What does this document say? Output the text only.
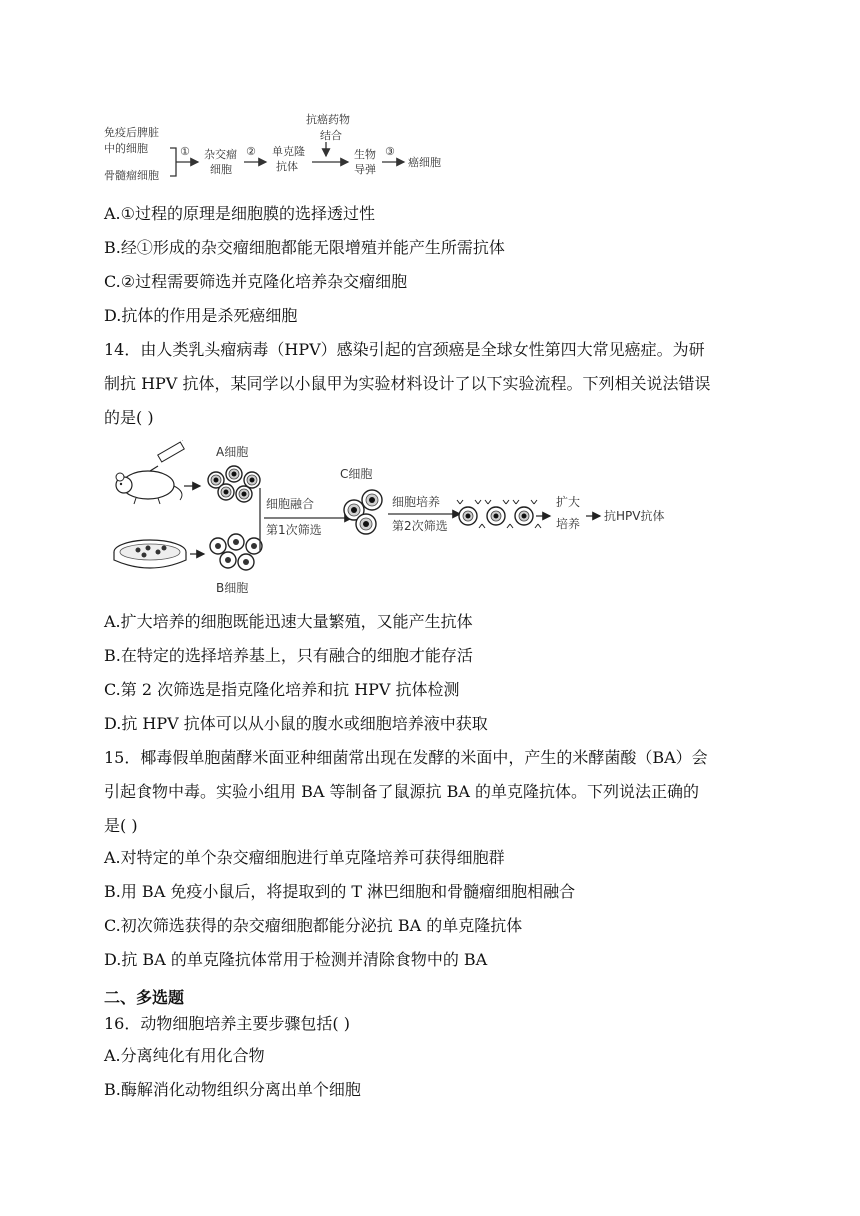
免疫后脾脏
中的细胞
骨髓瘤细胞
① 杂交瘤
细胞
② 单克隆
抗体
抗癌药物
结合
生物
导弹
③
癌细胞
A.①过程的原理是细胞膜的选择透过性
B.经①形成的杂交瘤细胞都能无限增殖并能产生所需抗体
C.②过程需要筛选并克隆化培养杂交瘤细胞
D.抗体的作用是杀死癌细胞
14．由人类乳头瘤病毒（HPV）感染引起的宫颈癌是全球女性第四大常见癌症。为研
制抗 HPV 抗体，某同学以小鼠甲为实验材料设计了以下实验流程。下列相关说法错误
的是( )
A细胞
B细胞
细胞融合
第1次筛选
C细胞
细胞培养
第2次筛选
扩大
培养
抗HPV抗体
A.扩大培养的细胞既能迅速大量繁殖，又能产生抗体
B.在特定的选择培养基上，只有融合的细胞才能存活
C.第 2 次筛选是指克隆化培养和抗 HPV 抗体检测
D.抗 HPV 抗体可以从小鼠的腹水或细胞培养液中获取
15．椰毒假单胞菌酵米面亚种细菌常出现在发酵的米面中，产生的米酵菌酸（BA）会
引起食物中毒。实验小组用 BA 等制备了鼠源抗 BA 的单克隆抗体。下列说法正确的
是( )
A.对特定的单个杂交瘤细胞进行单克隆培养可获得细胞群
B.用 BA 免疫小鼠后，将提取到的 T 淋巴细胞和骨髓瘤细胞相融合
C.初次筛选获得的杂交瘤细胞都能分泌抗 BA 的单克隆抗体
D.抗 BA 的单克隆抗体常用于检测并清除食物中的 BA
二、多选题
16．动物细胞培养主要步骤包括( )
A.分离纯化有用化合物
B.酶解消化动物组织分离出单个细胞
